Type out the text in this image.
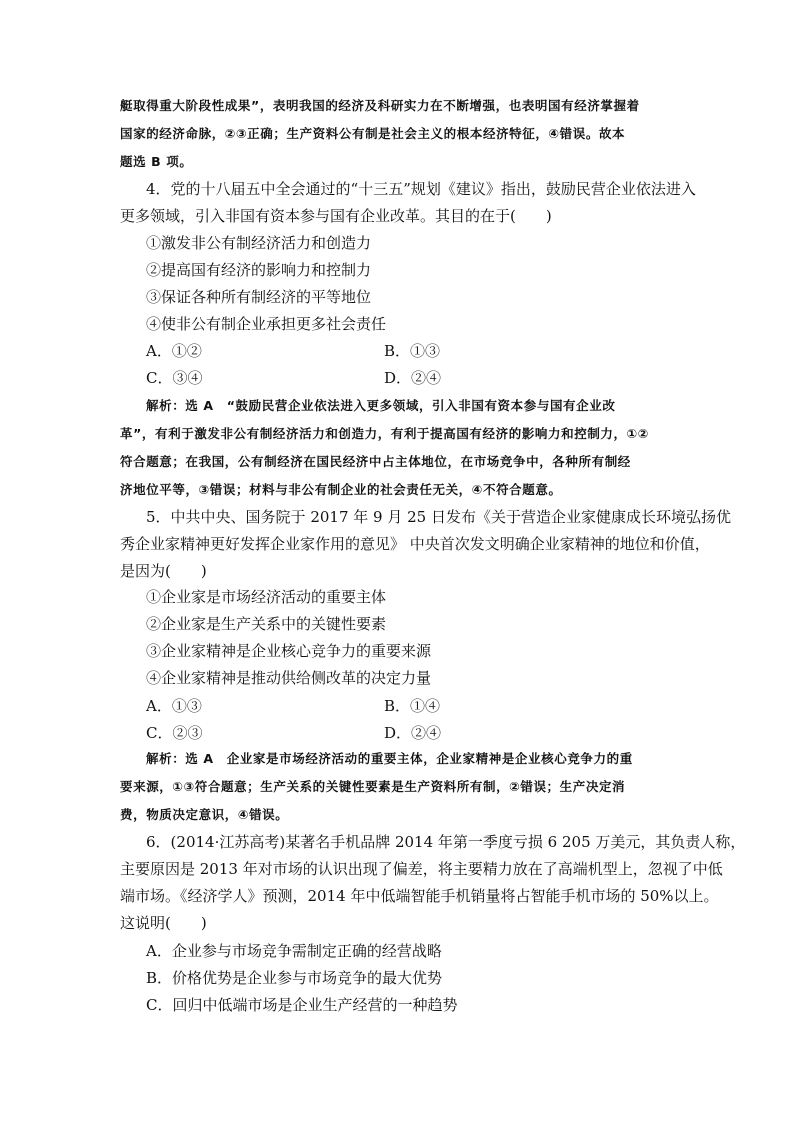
艇取得重大阶段性成果”，表明我国的经济及科研实力在不断增强，也表明国有经济掌握着
国家的经济命脉，②③正确；生产资料公有制是社会主义的根本经济特征，④错误。故本
题选 B 项。
4．党的十八届五中全会通过的“十三五”规划《建议》指出，鼓励民营企业依法进入
更多领域，引入非国有资本参与国有企业改革。其目的在于(　　)
①激发非公有制经济活力和创造力
②提高国有经济的影响力和控制力
③保证各种所有制经济的平等地位
④使非公有制企业承担更多社会责任
A．①②	B．①③
C．③④	D．②④
解析：选 A　“鼓励民营企业依法进入更多领域，引入非国有资本参与国有企业改
革”，有利于激发非公有制经济活力和创造力，有利于提高国有经济的影响力和控制力，①②
符合题意；在我国，公有制经济在国民经济中占主体地位，在市场竞争中，各种所有制经
济地位平等，③错误；材料与非公有制企业的社会责任无关，④不符合题意。
5．中共中央、国务院于 2017 年 9 月 25 日发布《关于营造企业家健康成长环境弘扬优
秀企业家精神更好发挥企业家作用的意见》 中央首次发文明确企业家精神的地位和价值，
是因为(　　)
①企业家是市场经济活动的重要主体
②企业家是生产关系中的关键性要素
③企业家精神是企业核心竞争力的重要来源
④企业家精神是推动供给侧改革的决定力量
A．①③	B．①④
C．②③	D．②④
解析：选 A　企业家是市场经济活动的重要主体，企业家精神是企业核心竞争力的重
要来源，①③符合题意；生产关系的关键性要素是生产资料所有制，②错误；生产决定消
费，物质决定意识，④错误。
6．(2014·江苏高考)某著名手机品牌 2014 年第一季度亏损 6 205 万美元，其负责人称，
主要原因是 2013 年对市场的认识出现了偏差，将主要精力放在了高端机型上，忽视了中低
端市场。《经济学人》预测，2014 年中低端智能手机销量将占智能手机市场的 50%以上。
这说明(　　)
A．企业参与市场竞争需制定正确的经营战略
B．价格优势是企业参与市场竞争的最大优势
C．回归中低端市场是企业生产经营的一种趋势
